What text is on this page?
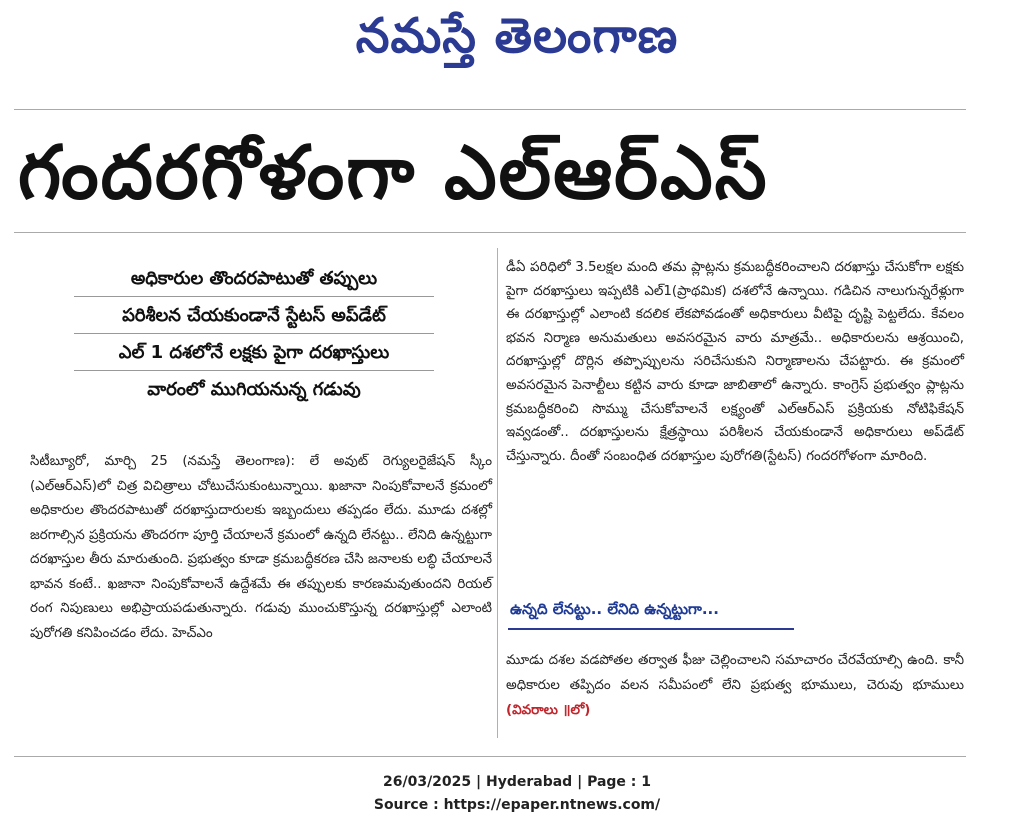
నమస్తే తెలంగాణ
గందరగోళంగా ఎల్‌ఆర్‌ఎస్
అధికారుల తొందరపాటుతో తప్పులు
పరిశీలన చేయకుండానే స్టేటస్ అప్‌డేట్
ఎల్ 1 దశలోనే లక్షకు పైగా దరఖాస్తులు
వారంలో ముగియనున్న గడువు
సిటీబ్యూరో, మార్చి 25 (నమస్తే తెలంగాణ): లే అవుట్ రెగ్యులరైజేషన్ స్కీం (ఎల్‌ఆర్‌ఎస్)లో చిత్ర విచిత్రాలు చోటుచేసుకుంటున్నాయి. ఖజానా నింపుకోవాలనే క్రమంలో అధికారుల తొందరపాటుతో దరఖాస్తుదారులకు ఇబ్బందులు తప్పడం లేదు. మూడు దశల్లో జరగాల్సిన ప్రక్రియను తొందరగా పూర్తి చేయాలనే క్రమంలో ఉన్నది లేనట్టు.. లేనిది ఉన్నట్టుగా దరఖాస్తుల తీరు మారుతుంది. ప్రభుత్వం కూడా క్రమబద్ధీకరణ చేసి జనాలకు లబ్ధి చేయాలనే భావన కంటే.. ఖజానా నింపుకోవాలనే ఉద్దేశమే ఈ తప్పులకు కారణమవుతుందని రియల్ రంగ నిపుణులు అభిప్రాయపడుతున్నారు. గడువు ముంచుకొస్తున్న దరఖాస్తుల్లో ఎలాంటి పురోగతి కనిపించడం లేదు. హెచ్ఎం
డీఏ పరిధిలో 3.5లక్షల మంది తమ ప్లాట్లను క్రమబద్ధీకరించాలని దరఖాస్తు చేసుకోగా లక్షకు పైగా దరఖాస్తులు ఇప్పటికి ఎల్1(ప్రాథమిక) దశలోనే ఉన్నాయి. గడిచిన నాలుగున్నరేళ్లుగా ఈ దరఖాస్తుల్లో ఎలాంటి కదలిక లేకపోవడంతో అధికారులు వీటిపై దృష్టి పెట్టలేదు. కేవలం భవన నిర్మాణ అనుమతులు అవసరమైన వారు మాత్రమే.. అధికారులను ఆశ్రయించి, దరఖాస్తుల్లో దొర్లిన తప్పొప్పులను సరిచేసుకుని నిర్మాణాలను చేపట్టారు. ఈ క్రమంలో అవసరమైన పెనాల్టీలు కట్టిన వారు కూడా జాబితాలో ఉన్నారు. కాంగ్రెస్ ప్రభుత్వం ప్లాట్లను క్రమబద్ధీకరించి సొమ్ము చేసుకోవాలనే లక్ష్యంతో ఎల్‌ఆర్‌ఎస్ ప్రక్రియకు నోటిఫికేషన్ ఇవ్వడంతో.. దరఖాస్తులను క్షేత్రస్థాయి పరిశీలన చేయకుండానే అధికారులు అప్‌డేట్ చేస్తున్నారు. దీంతో సంబంధిత దరఖాస్తుల పురోగతి(స్టేటస్) గందరగోళంగా మారింది.
ఉన్నది లేనట్టు.. లేనిది ఉన్నట్టుగా...
మూడు దశల వడపోతల తర్వాత ఫీజు చెల్లించాలని సమాచారం చేరవేయాల్సి ఉంది. కానీ అధికారుల తప్పిదం వలన సమీపంలో లేని ప్రభుత్వ భూములు, చెరువు భూములు (వివరాలు ॥లో)
26/03/2025 | Hyderabad | Page : 1
Source : https://epaper.ntnews.com/
